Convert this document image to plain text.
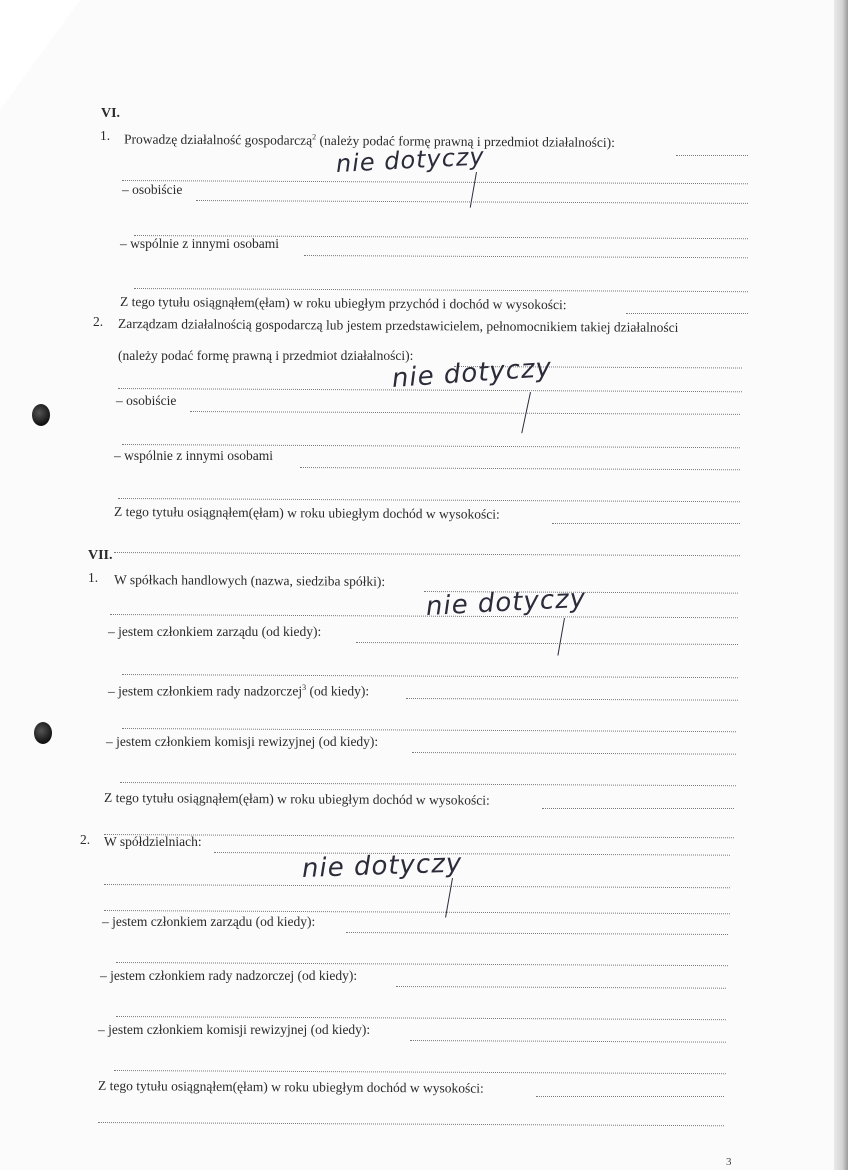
VI.
1. Prowadzę działalność gospodarczą$^2$ (należy podać formę prawną i przedmiot działalności):
nie dotyczy
– osobiście
– wspólnie z innymi osobami
Z tego tytułu osiągnąłem(ęłam) w roku ubiegłym przychód i dochód w wysokości:
2. Zarządzam działalnością gospodarczą lub jestem przedstawicielem, pełnomocnikiem takiej działalności
(należy podać formę prawną i przedmiot działalności):
nie dotyczy
– osobiście
– wspólnie z innymi osobami
Z tego tytułu osiągnąłem(ęłam) w roku ubiegłym dochód w wysokości:
VII.
1. W spółkach handlowych (nazwa, siedziba spółki):
nie dotyczy
– jestem członkiem zarządu (od kiedy):
– jestem członkiem rady nadzorczej$^3$ (od kiedy):
– jestem członkiem komisji rewizyjnej (od kiedy):
Z tego tytułu osiągnąłem(ęłam) w roku ubiegłym dochód w wysokości:
2. W spółdzielniach:
nie dotyczy
– jestem członkiem zarządu (od kiedy):
– jestem członkiem rady nadzorczej (od kiedy):
– jestem członkiem komisji rewizyjnej (od kiedy):
Z tego tytułu osiągnąłem(ęłam) w roku ubiegłym dochód w wysokości:
3
